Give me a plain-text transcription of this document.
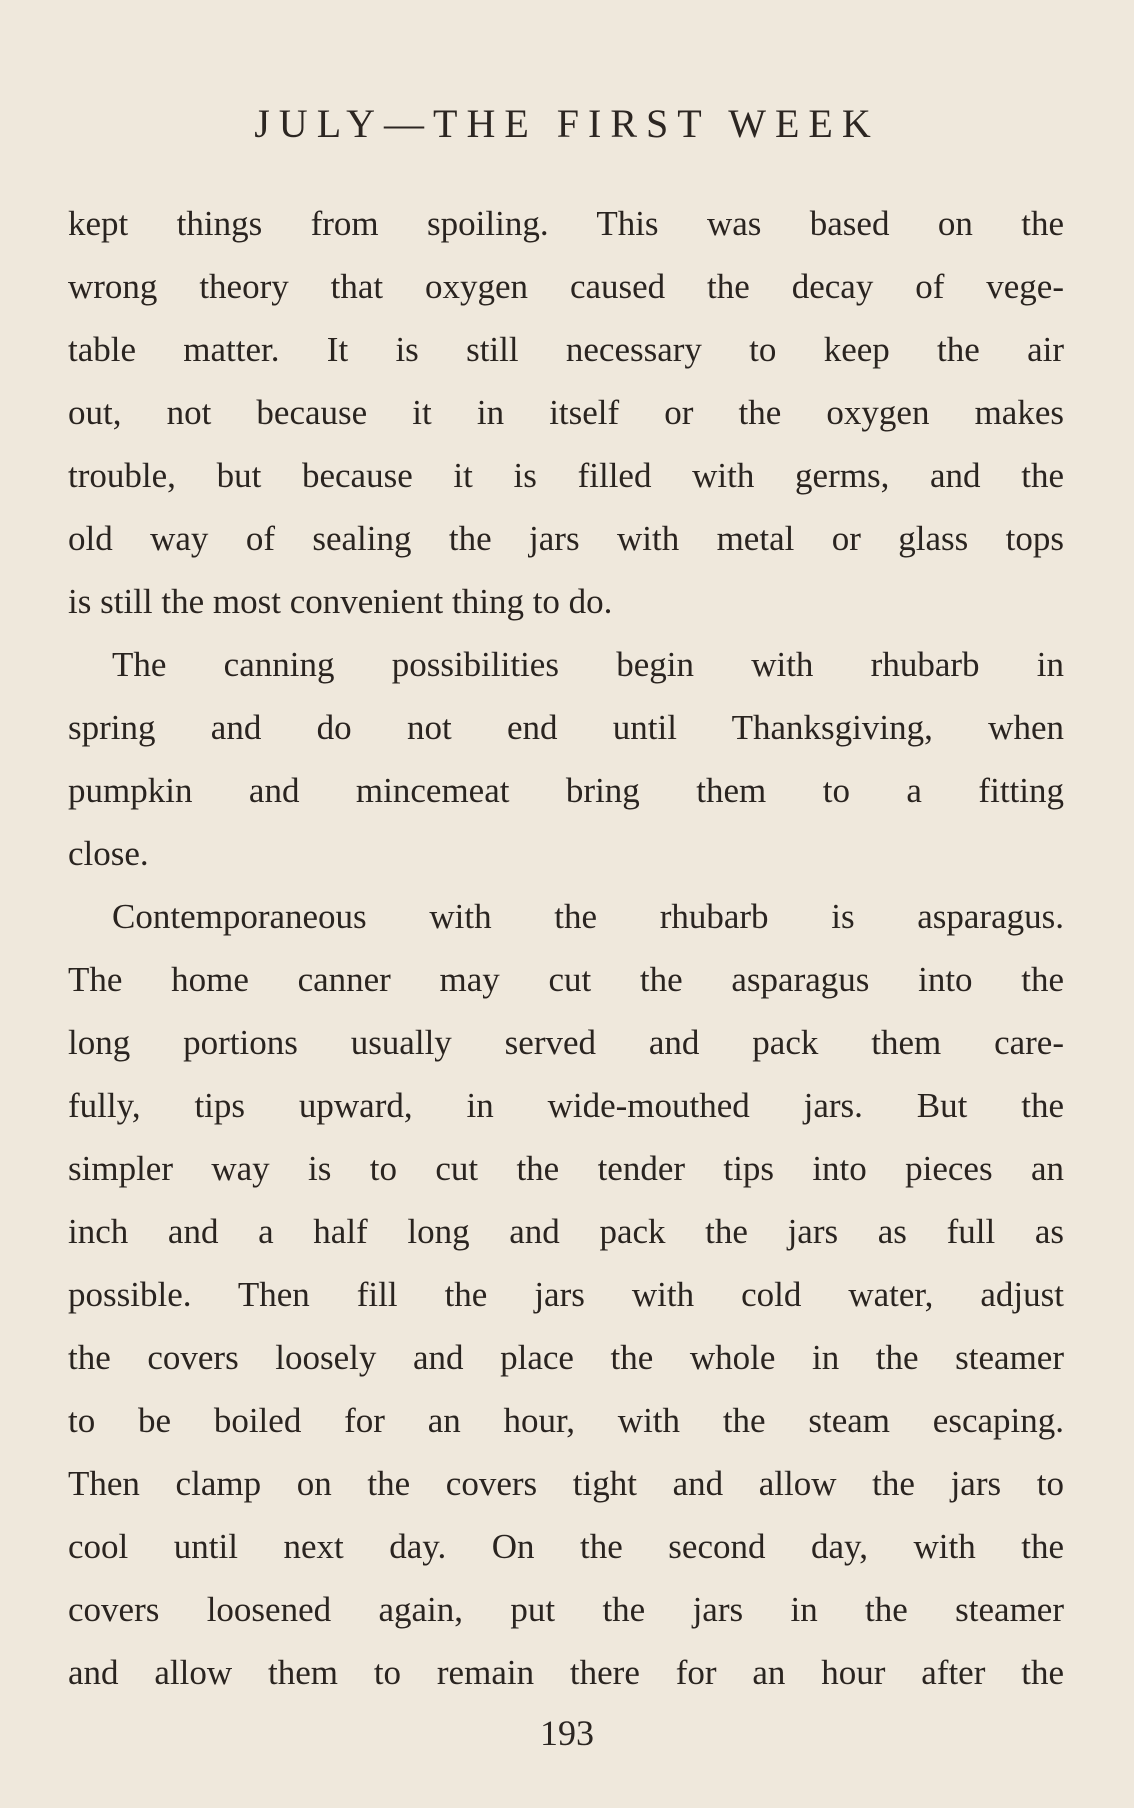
JULY—THE FIRST WEEK
kept things from spoiling. This was based on the
wrong theory that oxygen caused the decay of vege-
table matter. It is still necessary to keep the air
out, not because it in itself or the oxygen makes
trouble, but because it is filled with germs, and the
old way of sealing the jars with metal or glass tops
is still the most convenient thing to do.
The canning possibilities begin with rhubarb in
spring and do not end until Thanksgiving, when
pumpkin and mincemeat bring them to a fitting
close.
Contemporaneous with the rhubarb is asparagus.
The home canner may cut the asparagus into the
long portions usually served and pack them care-
fully, tips upward, in wide-mouthed jars. But the
simpler way is to cut the tender tips into pieces an
inch and a half long and pack the jars as full as
possible. Then fill the jars with cold water, adjust
the covers loosely and place the whole in the steamer
to be boiled for an hour, with the steam escaping.
Then clamp on the covers tight and allow the jars to
cool until next day. On the second day, with the
covers loosened again, put the jars in the steamer
and allow them to remain there for an hour after the
193
